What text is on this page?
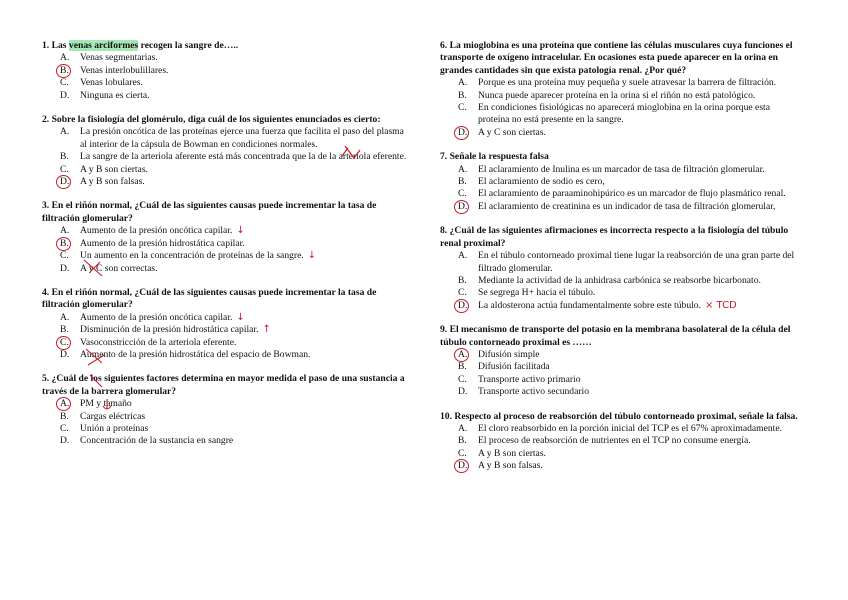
1. Las venas arciformes recogen la sangre de…..
A.	Venas segmentarias.
B.	Venas interlobulillares.
C.	Venas lobulares.
D.	Ninguna es cierta.
2. Sobre la fisiología del glomérulo, diga cuál de los siguientes enunciados es cierto:
A.	La presión oncótica de las proteínas ejerce una fuerza que facilita el paso del plasma al interior de la cápsula de Bowman en condiciones normales.
B.	La sangre de la arteriola aferente está más concentrada que la de la arteriola eferente.
C.	A y B son ciertas.
D.	A y B son falsas.
3. En el riñón normal, ¿Cuál de las siguientes causas puede incrementar la tasa de filtración glomerular?
A.	Aumento de la presión oncótica capilar. ↓
B.	Aumento de la presión hidrostática capilar.
C.	Un aumento en la concentración de proteínas de la sangre. ↓
D.	A y C son correctas.
4. En el riñón normal, ¿Cuál de las siguientes causas puede incrementar la tasa de filtración glomerular?
A.	Aumento de la presión oncótica capilar. ↓
B.	Disminución de la presión hidrostática capilar. ↑
C.	Vasoconstricción de la arteriola eferente.
D.	Aumento de la presión hidrostática del espacio de Bowman.
5. ¿Cuál de los siguientes factores determina en mayor medida el paso de una sustancia a través de la barrera glomerular?
A.	PM y tamaño
B.	Cargas eléctricas
C.	Unión a proteínas
D.	Concentración de la sustancia en sangre
6. La mioglobina es una proteína que contiene las células musculares cuya funciones el transporte de oxígeno intracelular. En ocasiones esta puede aparecer en la orina en grandes cantidades sin que exista patología renal. ¿Por qué?
A.	Porque es una proteína muy pequeña y suele atravesar la barrera de filtración.
B.	Nunca puede aparecer proteína en la orina si el riñón no está patológico.
C.	En condiciones fisiológicas no aparecerá mioglobina en la orina porque esta proteína no está presente en la sangre.
D.	A y C son ciertas.
7. Señale la respuesta falsa
A.	El aclaramiento de Inulina es un marcador de tasa de filtración glomerular.
B.	El aclaramiento de sodio es cero,
C.	El aclaramiento de paraaminohipúrico es un marcador de flujo plasmático renal.
D.	El aclaramiento de creatinina es un indicador de tasa de filtración glomerular,
8. ¿Cuál de las siguientes afirmaciones es incorrecta respecto a la fisiología del túbulo renal proximal?
A.	En el túbulo contorneado proximal tiene lugar la reabsorción de una gran parte del filtrado glomerular.
B.	Mediante la actividad de la anhidrasa carbónica se reabsorbe bicarbonato.
C.	Se segrega H+ hacia el túbulo.
D.	La aldosterona actúa fundamentalmente sobre este túbulo. × TCD
9. El mecanismo de transporte del potasio en la membrana basolateral de la célula del túbulo contorneado proximal es ……
A.	Difusión simple
B.	Difusión facilitada
C.	Transporte activo primario
D.	Transporte activo secundario
10. Respecto al proceso de reabsorción del túbulo contorneado proximal, señale la falsa.
A.	El cloro reabsorbido en la porción inicial del TCP es el 67% aproximadamente.
B.	El proceso de reabsorción de nutrientes en el TCP no consume energía.
C.	A y B son ciertas.
D.	A y B son falsas.
